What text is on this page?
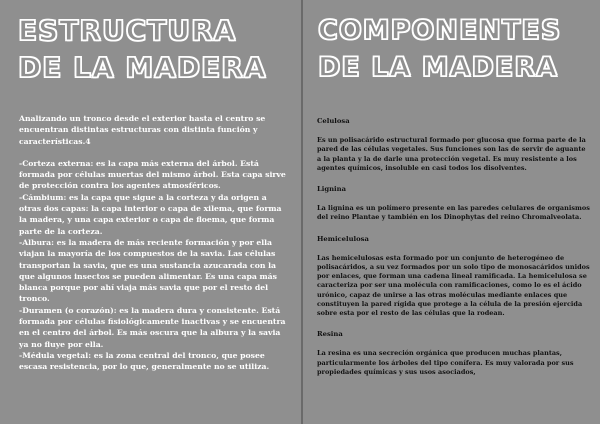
ESTRUCTURA
DE LA MADERA

Analizando un tronco desde el exterior hasta el centro se encuentran distintas estructuras con distinta función y características.4

-Corteza externa: es la capa más externa del árbol. Está formada por células muertas del mismo árbol. Esta capa sirve de protección contra los agentes atmosféricos.

-Cámbium: es la capa que sigue a la corteza y da origen a otras dos capas: la capa interior o capa de xilema, que forma la madera, y una capa exterior o capa de floema, que forma parte de la corteza.

-Albura: es la madera de más reciente formación y por ella viajan la mayoría de los compuestos de la savia. Las células transportan la savia, que es una sustancia azucarada con la que algunos insectos se pueden alimentar. Es una capa más blanca porque por ahí viaja más savia que por el resto del tronco.

-Duramen (o corazón): es la madera dura y consistente. Está formada por células fisiológicamente inactivas y se encuentra en el centro del árbol. Es más oscura que la albura y la savia ya no fluye por ella.

-Médula vegetal: es la zona central del tronco, que posee escasa resistencia, por lo que, generalmente no se utiliza.

COMPONENTES
DE LA MADERA

Celulosa

Es un polisacárido estructural formado por glucosa que forma parte de la pared de las células vegetales. Sus funciones son las de servir de aguante a la planta y la de darle una protección vegetal. Es muy resistente a los agentes químicos, insoluble en casi todos los disolventes.

Lignina

La lignina es un polímero presente en las paredes celulares de organismos del reino Plantae y también en los Dinophytas del reino Chromalveolata.

Hemicelulosa

Las hemicelulosas esta formado por un conjunto de heterogéneo de polisacáridos, a su vez formados por un solo tipo de monosacáridos unidos por enlaces, que forman una cadena lineal ramificada. La hemicelulosa se caracteriza por ser una molécula con ramificaciones, como lo es el ácido urónico, capaz de unirse a las otras moléculas mediante enlaces que constituyen la pared rígida que protege a la célula de la presión ejercida sobre esta por el resto de las células que la rodean.

Resina

La resina es una secreción orgánica que producen muchas plantas, particularmente los árboles del tipo conífera. Es muy valorada por sus propiedades químicas y sus usos asociados,
